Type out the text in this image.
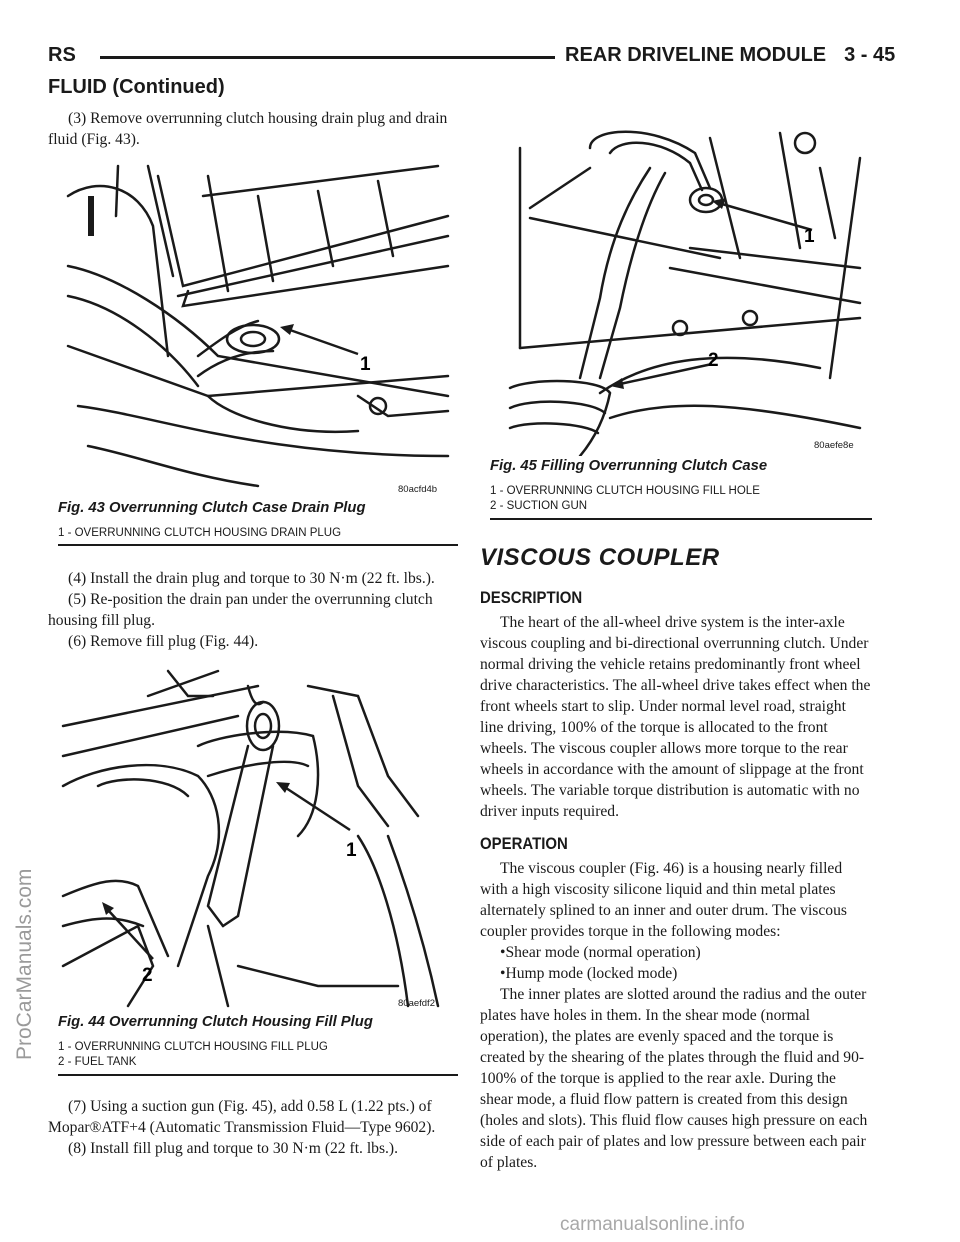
RS	REAR DRIVELINE MODULE 3 - 45
FLUID (Continued)

(3) Remove overrunning clutch housing drain plug and drain fluid (Fig. 43).

1
80acfd4b
Fig. 43 Overrunning Clutch Case Drain Plug
1 - OVERRUNNING CLUTCH HOUSING DRAIN PLUG

(4) Install the drain plug and torque to 30 N·m (22 ft. lbs.).

(5) Re-position the drain pan under the overrunning clutch housing fill plug.

(6) Remove fill plug (Fig. 44).

1
2
80aefdf2
Fig. 44 Overrunning Clutch Housing Fill Plug
1 - OVERRUNNING CLUTCH HOUSING FILL PLUG
2 - FUEL TANK

(7) Using a suction gun (Fig. 45), add 0.58 L (1.22 pts.) of Mopar®ATF+4 (Automatic Transmission Fluid—Type 9602).

(8) Install fill plug and torque to 30 N·m (22 ft. lbs.).

1
2
80aefe8e
Fig. 45 Filling Overrunning Clutch Case
1 - OVERRUNNING CLUTCH HOUSING FILL HOLE
2 - SUCTION GUN
VISCOUS COUPLER
DESCRIPTION

The heart of the all-wheel drive system is the inter-axle viscous coupling and bi-directional overrunning clutch. Under normal driving the vehicle retains predominantly front wheel drive characteristics. The all-wheel drive takes effect when the front wheels start to slip. Under normal level road, straight line driving, 100% of the torque is allocated to the front wheels. The viscous coupler allows more torque to the rear wheels in accordance with the amount of slippage at the front wheels. The variable torque distribution is automatic with no driver inputs required.

OPERATION

The viscous coupler (Fig. 46) is a housing nearly filled with a high viscosity silicone liquid and thin metal plates alternately splined to an inner and outer drum. The viscous coupler provides torque in the following modes:

•Shear mode (normal operation)
•Hump mode (locked mode)

The inner plates are slotted around the radius and the outer plates have holes in them. In the shear mode (normal operation), the plates are evenly spaced and the torque is created by the shearing of the plates through the fluid and 90-100% of the torque is applied to the rear axle. During the shear mode, a fluid flow pattern is created from this design (holes and slots). This fluid flow causes high pressure on each side of each pair of plates and low pressure between each pair of plates.

ProCarManuals.com
carmanualsonline.info
